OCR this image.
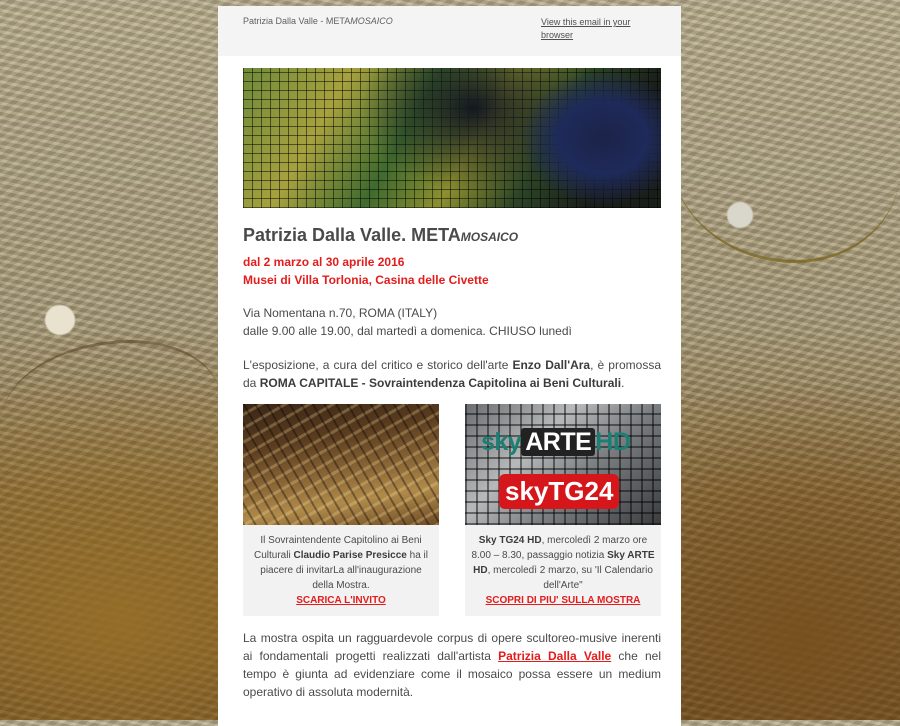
Patrizia Dalla Valle - METAMOSAICO	View this email in your browser
Patrizia Dalla Valle. METAMOSAICO
dal 2 marzo al 30 aprile 2016
Musei di Villa Torlonia, Casina delle Civette
Via Nomentana n.70, ROMA (ITALY)
dalle 9.00 alle 19.00, dal martedì a domenica. CHIUSO lunedì
L'esposizione, a cura del critico e storico dell'arte Enzo Dall'Ara, è promossa da ROMA CAPITALE - Sovraintendenza Capitolina ai Beni Culturali.
Il Sovraintendente Capitolino ai Beni Culturali Claudio Parise Presicce ha il piacere di invitarLa all'inaugurazione della Mostra.
SCARICA L'INVITO
sky ARTE HD
skyTG24
Sky TG24 HD, mercoledì 2 marzo ore 8.00 – 8.30, passaggio notizia Sky ARTE HD, mercoledì 2 marzo, su 'Il Calendario dell'Arte"
SCOPRI DI PIU' SULLA MOSTRA
La mostra ospita un ragguardevole corpus di opere scultoreo-musive inerenti ai fondamentali progetti realizzati dall'artista Patrizia Dalla Valle che nel tempo è giunta ad evidenziare come il mosaico possa essere un medium operativo di assoluta modernità.
